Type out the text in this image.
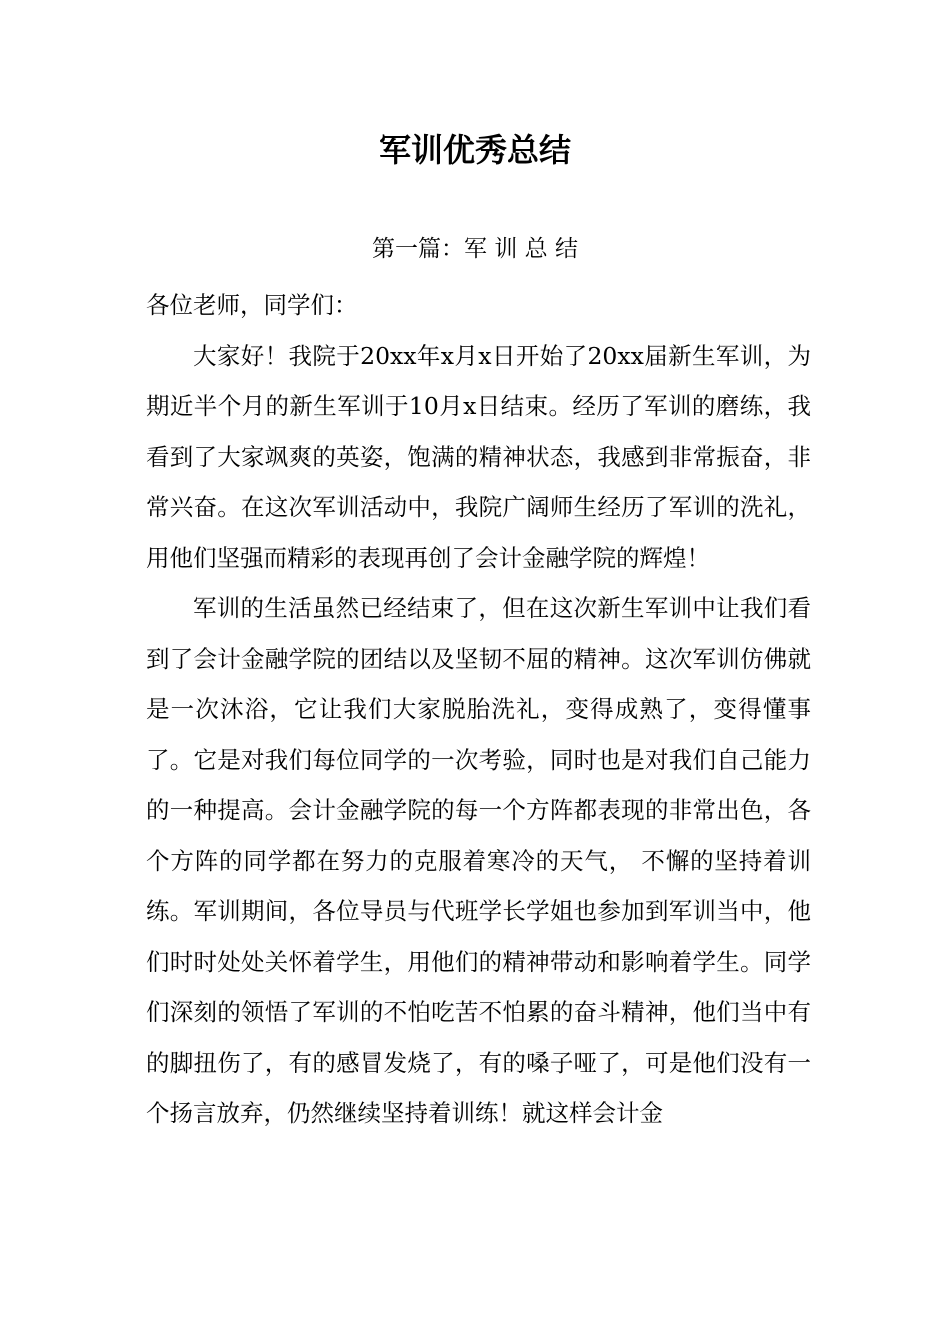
军训优秀总结
第一篇：军 训 总 结

各位老师，同学们：

大家好！我院于20xx年x月x日开始了20xx届新生军训，为期近半个月的新生军训于10月x日结束。经历了军训的磨练，我看到了大家飒爽的英姿，饱满的精神状态，我感到非常振奋，非常兴奋。在这次军训活动中，我院广阔师生经历了军训的洗礼，用他们坚强而精彩的表现再创了会计金融学院的辉煌！

军训的生活虽然已经结束了，但在这次新生军训中让我们看到了会计金融学院的团结以及坚韧不屈的精神。这次军训仿佛就是一次沐浴，它让我们大家脱胎洗礼，变得成熟了，变得懂事了。它是对我们每位同学的一次考验，同时也是对我们自己能力的一种提高。会计金融学院的每一个方阵都表现的非常出色，各个方阵的同学都在努力的克服着寒冷的天气， 不懈的坚持着训练。军训期间，各位导员与代班学长学姐也参加到军训当中，他们时时处处关怀着学生，用他们的精神带动和影响着学生。同学们深刻的领悟了军训的不怕吃苦不怕累的奋斗精神，他们当中有的脚扭伤了，有的感冒发烧了，有的嗓子哑了，可是他们没有一个扬言放弃，仍然继续坚持着训练！就这样会计金
